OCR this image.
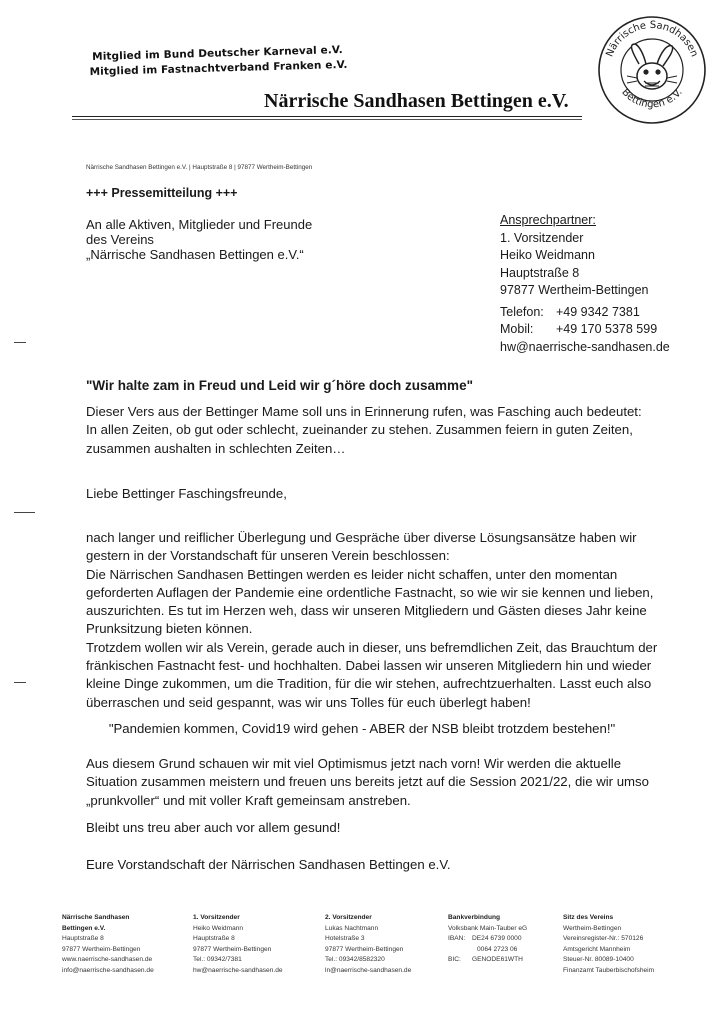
Mitglied im Bund Deutscher Karneval e.V.
Mitglied im Fastnachtverband Franken e.V.
Närrische Sandhasen Bettingen e.V.
Närrische Sandhasen
Bettingen e.V.
Närrische Sandhasen Bettingen e.V. | Hauptstraße 8 | 97877 Wertheim-Bettingen
+++ Pressemitteilung +++
An alle Aktiven, Mitglieder und Freunde
des Vereins
„Närrische Sandhasen Bettingen e.V.“
Ansprechpartner:
1. Vorsitzender
Heiko Weidmann
Hauptstraße 8
97877 Wertheim-Bettingen
Telefon: +49 9342 7381
Mobil: +49 170 5378 599
hw@naerrische-sandhasen.de
"Wir halte zam in Freud und Leid wir g´höre doch zusamme"
Dieser Vers aus der Bettinger Mame soll uns in Erinnerung rufen, was Fasching auch bedeutet:
In allen Zeiten, ob gut oder schlecht, zueinander zu stehen. Zusammen feiern in guten Zeiten,
zusammen aushalten in schlechten Zeiten…
Liebe Bettinger Faschingsfreunde,
nach langer und reiflicher Überlegung und Gespräche über diverse Lösungsansätze haben wir
gestern in der Vorstandschaft für unseren Verein beschlossen:
Die Närrischen Sandhasen Bettingen werden es leider nicht schaffen, unter den momentan
geforderten Auflagen der Pandemie eine ordentliche Fastnacht, so wie wir sie kennen und lieben,
auszurichten. Es tut im Herzen weh, dass wir unseren Mitgliedern und Gästen dieses Jahr keine
Prunksitzung bieten können.
Trotzdem wollen wir als Verein, gerade auch in dieser, uns befremdlichen Zeit, das Brauchtum der
fränkischen Fastnacht fest- und hochhalten. Dabei lassen wir unseren Mitgliedern hin und wieder
kleine Dinge zukommen, um die Tradition, für die wir stehen, aufrechtzuerhalten. Lasst euch also
überraschen und seid gespannt, was wir uns Tolles für euch überlegt haben!
"Pandemien kommen, Covid19 wird gehen - ABER der NSB bleibt trotzdem bestehen!"
Aus diesem Grund schauen wir mit viel Optimismus jetzt nach vorn! Wir werden die aktuelle
Situation zusammen meistern und freuen uns bereits jetzt auf die Session 2021/22, die wir umso
„prunkvoller“ und mit voller Kraft gemeinsam anstreben.
Bleibt uns treu aber auch vor allem gesund!
Eure Vorstandschaft der Närrischen Sandhasen Bettingen e.V.
Närrische Sandhasen
Bettingen e.V.
Hauptstraße 8
97877 Wertheim-Bettingen
www.naerrische-sandhasen.de
info@naerrische-sandhasen.de
1. Vorsitzender
Heiko Weidmann
Hauptstraße 8
97877 Wertheim-Bettingen
Tel.: 09342/7381
hw@naerrische-sandhasen.de
2. Vorsitzender
Lukas Nachtmann
Hotelstraße 3
97877 Wertheim-Bettingen
Tel.: 09342/8582320
ln@naerrische-sandhasen.de
Bankverbindung
Volksbank Main-Tauber eG
IBAN: DE24 6739 0000
0064 2723 06
BIC: GENODE61WTH
Sitz des Vereins
Wertheim-Bettingen
Vereinsregister-Nr.: 570126
Amtsgericht Mannheim
Steuer-Nr. 80089-10400
Finanzamt Tauberbischofsheim
